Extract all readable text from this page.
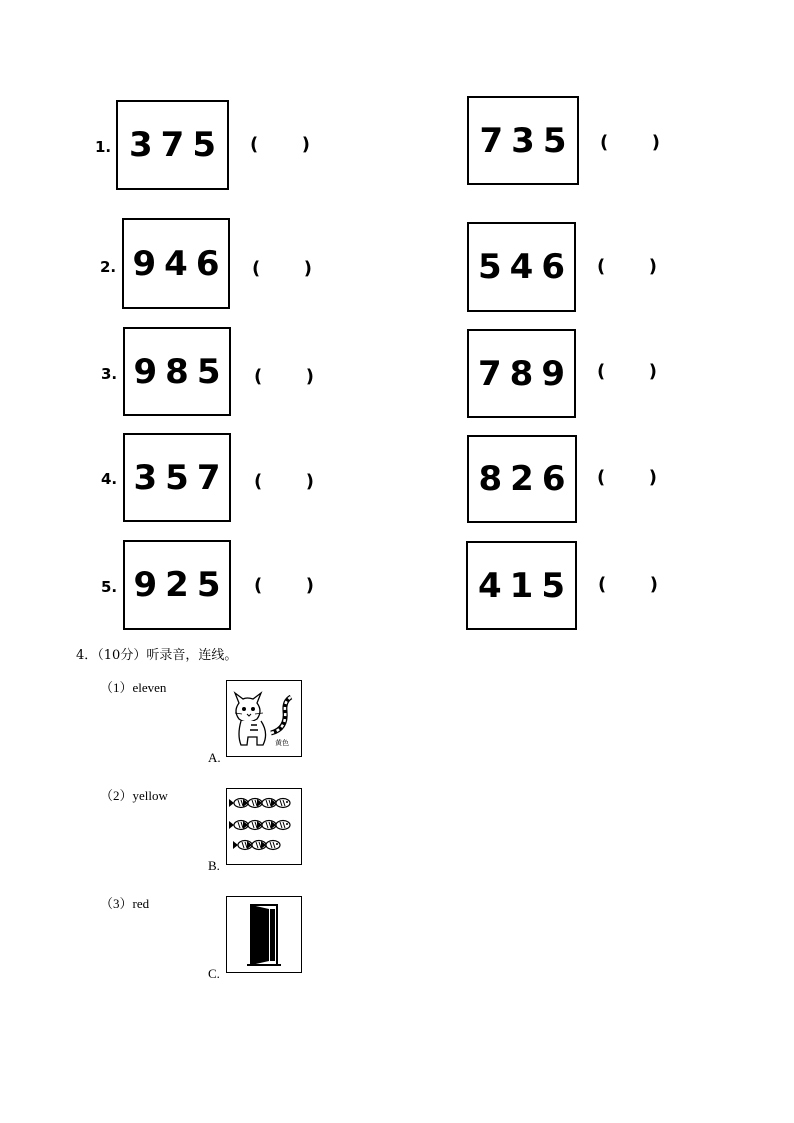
1. 375 ( )
2. 946 ( )
3. 985 ( )
4. 357 ( )
5. 925 ( )
735 ( )
546 ( )
789 ( )
826 ( )
415 ( )
4．（10分）听录音，连线。
（1）eleven
（2）yellow
（3）red
A.
黄色
B.
C.
